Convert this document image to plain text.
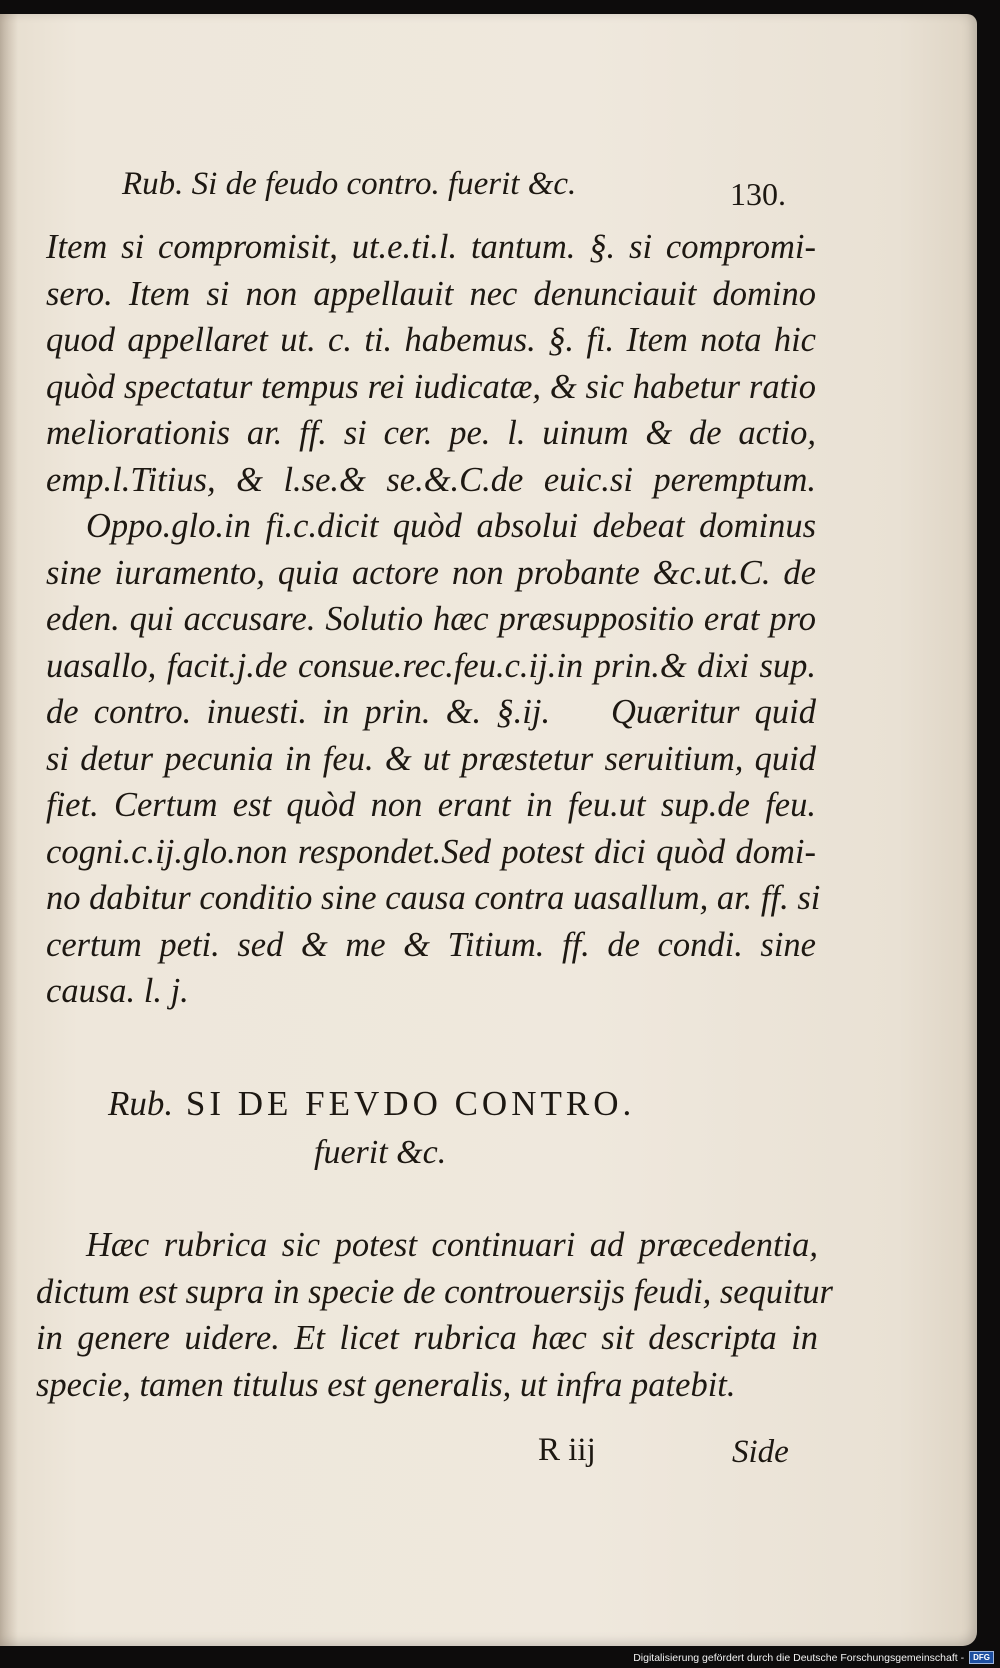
Rub. Si de feudo contro. fuerit &c.	130.
Item si compromisit, ut.e.ti.l. tantum. §. si compromi-
sero. Item si non appellauit nec denunciauit domino
quod appellaret ut. c. ti. habemus. §. fi. Item nota hic
quòd spectatur tempus rei iudicatæ, & sic habetur ratio
meliorationis ar. ff. si cer. pe. l. uinum & de actio,
emp.l.Titius, & l.se.& se.&.C.de euic.si peremptum.
Oppo.glo.in fi.c.dicit quòd absolui debeat dominus
sine iuramento, quia actore non probante &c.ut.C. de
eden. qui accusare. Solutio hæc præsuppositio erat pro
uasallo, facit.j.de consue.rec.feu.c.ij.in prin.& dixi sup.
de contro. inuesti. in prin. &. §.ij.    Quæritur quid
si detur pecunia in feu. & ut præstetur seruitium, quid
fiet. Certum est quòd non erant in feu.ut sup.de feu.
cogni.c.ij.glo.non respondet.Sed potest dici quòd domi-
no dabitur conditio sine causa contra uasallum, ar. ff. si
certum peti. sed & me & Titium. ff. de condi. sine
causa. l. j.
Rub. SI DE FEVDO CONTRO.
fuerit &c.
Hæc rubrica sic potest continuari ad præcedentia,
dictum est supra in specie de controuersijs feudi, sequitur
in genere uidere. Et licet rubrica hæc sit descripta in
specie, tamen titulus est generalis, ut infra patebit.
R iij	Side
Digitalisierung gefördert durch die Deutsche Forschungsgemeinschaft -	DFG
